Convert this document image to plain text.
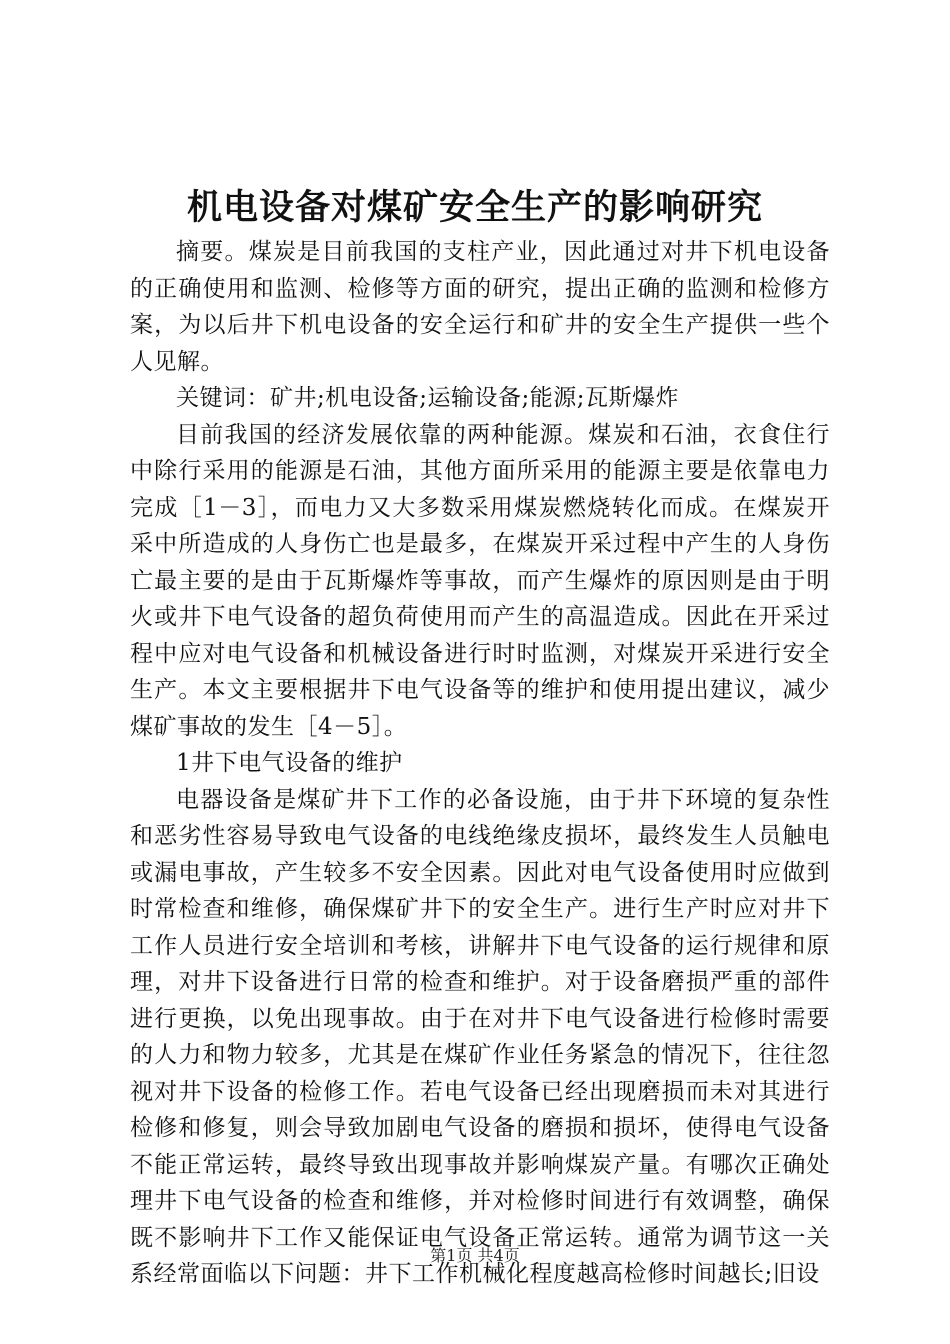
机电设备对煤矿安全生产的影响研究

摘要。煤炭是目前我国的支柱产业，因此通过对井下机电设备的正确使用和监测、检修等方面的研究，提出正确的监测和检修方案，为以后井下机电设备的安全运行和矿井的安全生产提供一些个人见解。

关键词：矿井;机电设备;运输设备;能源;瓦斯爆炸

目前我国的经济发展依靠的两种能源。煤炭和石油，衣食住行中除行采用的能源是石油，其他方面所采用的能源主要是依靠电力完成［1－3］，而电力又大多数采用煤炭燃烧转化而成。在煤炭开采中所造成的人身伤亡也是最多，在煤炭开采过程中产生的人身伤亡最主要的是由于瓦斯爆炸等事故，而产生爆炸的原因则是由于明火或井下电气设备的超负荷使用而产生的高温造成。因此在开采过程中应对电气设备和机械设备进行时时监测，对煤炭开采进行安全生产。本文主要根据井下电气设备等的维护和使用提出建议，减少煤矿事故的发生［4－5］。

1井下电气设备的维护

电器设备是煤矿井下工作的必备设施，由于井下环境的复杂性和恶劣性容易导致电气设备的电线绝缘皮损坏，最终发生人员触电或漏电事故，产生较多不安全因素。因此对电气设备使用时应做到时常检查和维修，确保煤矿井下的安全生产。进行生产时应对井下工作人员进行安全培训和考核，讲解井下电气设备的运行规律和原理，对井下设备进行日常的检查和维护。对于设备磨损严重的部件进行更换，以免出现事故。由于在对井下电气设备进行检修时需要的人力和物力较多，尤其是在煤矿作业任务紧急的情况下，往往忽视对井下设备的检修工作。若电气设备已经出现磨损而未对其进行检修和修复，则会导致加剧电气设备的磨损和损坏，使得电气设备不能正常运转，最终导致出现事故并影响煤炭产量。有哪次正确处理井下电气设备的检查和维修，并对检修时间进行有效调整，确保既不影响井下工作又能保证电气设备正常运转。通常为调节这一关系经常面临以下问题：井下工作机械化程度越高检修时间越长;旧设

第1页 共4页
